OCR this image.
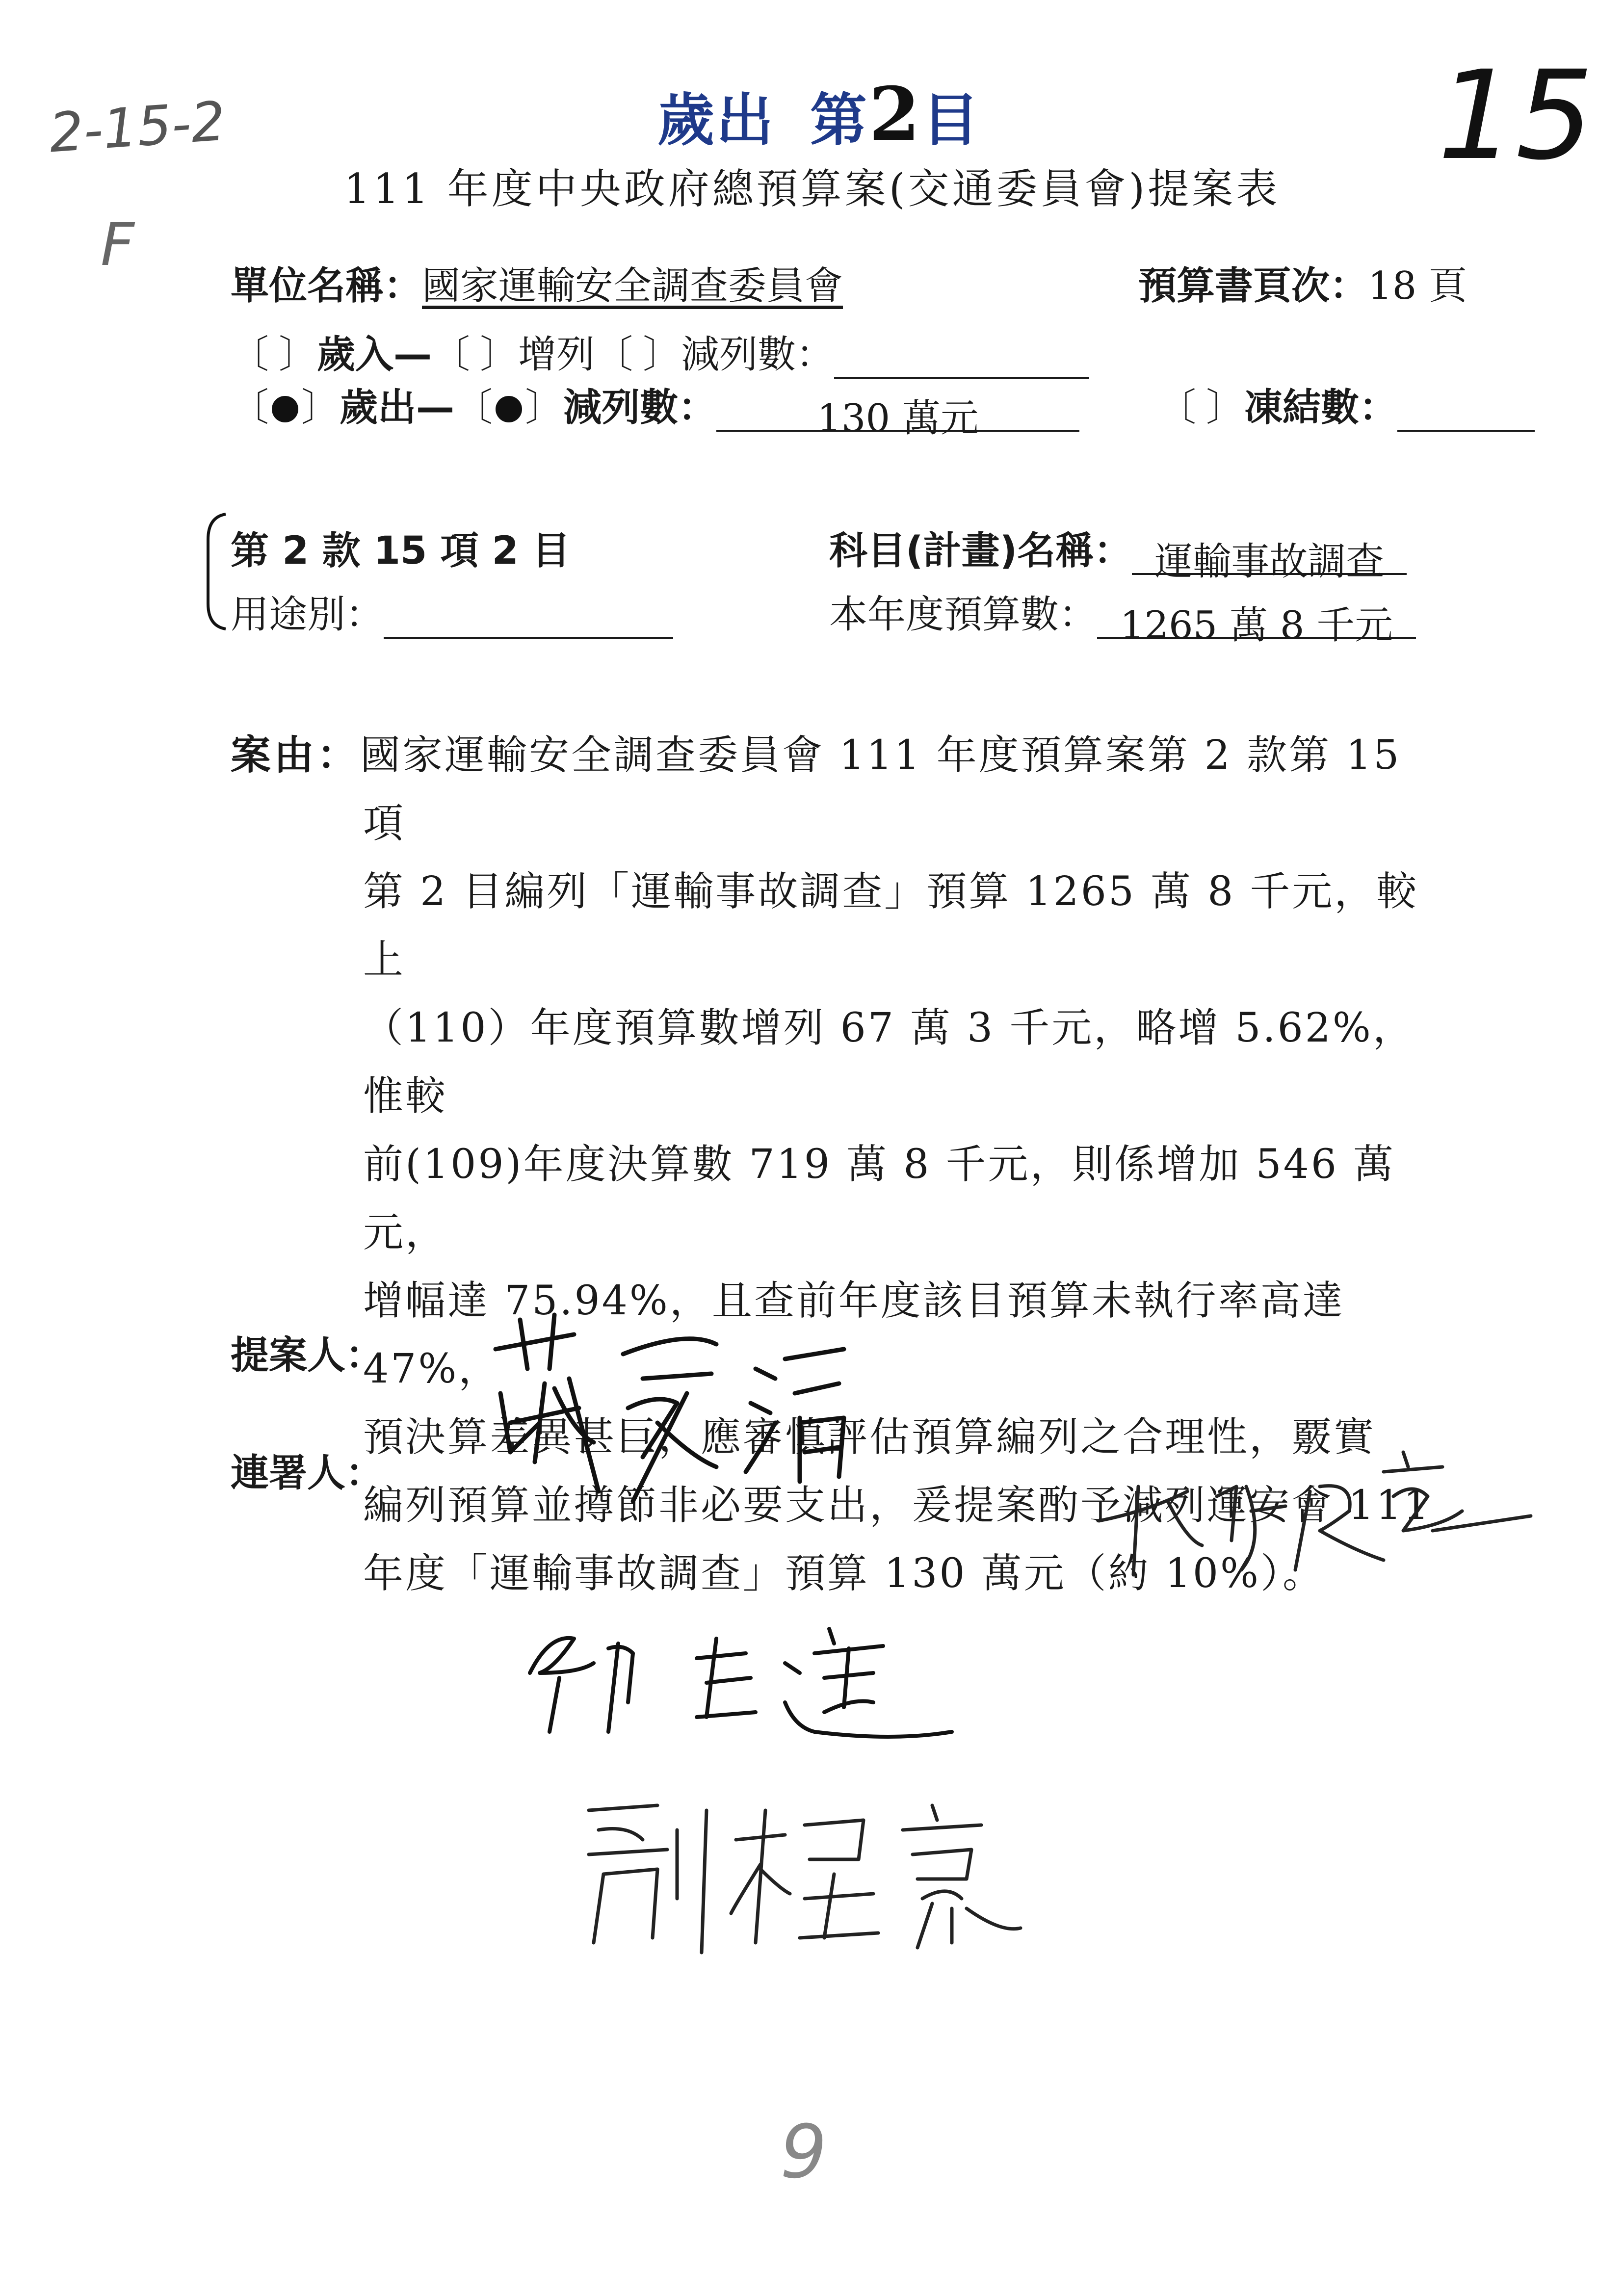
2-15-2
F
15
歲出 第2目
111 年度中央政府總預算案(交通委員會)提案表
單位名稱：國家運輸安全調查委員會	預算書頁次：18 頁
〔 〕歲入—〔 〕增列〔 〕減列數：
〔 〕歲出—〔 〕減列數：	130 萬元	〔 〕凍結數：
第 2 款 15 項 2 目	科目(計畫)名稱： 運輸事故調查
用途別：	本年度預算數： 1265 萬 8 千元
案由：國家運輸安全調查委員會 111 年度預算案第 2 款第 15 項
第 2 目編列「運輸事故調查」預算 1265 萬 8 千元，較上
（110）年度預算數增列 67 萬 3 千元，略增 5.62%，惟較
前(109)年度決算數 719 萬 8 千元，則係增加 546 萬元，
增幅達 75.94%，且查前年度該目預算未執行率高達 47%，
預決算差異甚巨，應審慎評估預算編列之合理性，覈實
編列預算並撙節非必要支出，爰提案酌予減列運安會 111
年度「運輸事故調查」預算 130 萬元（約 10%）。
提案人：
連署人：
蘇震清 林俊憲 邱臣遠 劉櫂豪
9
